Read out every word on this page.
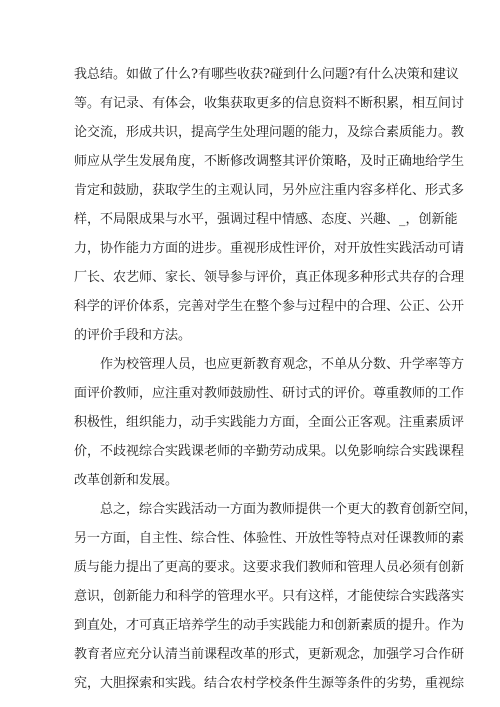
我总结。如做了什么?有哪些收获?碰到什么问题?有什么决策和建议
等。有记录、有体会，收集获取更多的信息资料不断积累，相互间讨
论交流，形成共识，提高学生处理问题的能力，及综合素质能力。教
师应从学生发展角度，不断修改调整其评价策略，及时正确地给学生
肯定和鼓励，获取学生的主观认同，另外应注重内容多样化、形式多
样，不局限成果与水平，强调过程中情感、态度、兴趣、_，创新能
力，协作能力方面的进步。重视形成性评价，对开放性实践活动可请
厂长、农艺师、家长、领导参与评价，真正体现多种形式共存的合理
科学的评价体系，完善对学生在整个参与过程中的合理、公正、公开
的评价手段和方法。
作为校管理人员，也应更新教育观念，不单从分数、升学率等方
面评价教师，应注重对教师鼓励性、研讨式的评价。尊重教师的工作
积极性，组织能力，动手实践能力方面，全面公正客观。注重素质评
价，不歧视综合实践课老师的辛勤劳动成果。以免影响综合实践课程
改革创新和发展。
总之，综合实践活动一方面为教师提供一个更大的教育创新空间，
另一方面，自主性、综合性、体验性、开放性等特点对任课教师的素
质与能力提出了更高的要求。这要求我们教师和管理人员必须有创新
意识，创新能力和科学的管理水平。只有这样，才能使综合实践落实
到直处，才可真正培养学生的动手实践能力和创新素质的提升。作为
教育者应充分认清当前课程改革的形式，更新观念，加强学习合作研
究，大胆探索和实践。结合农村学校条件生源等条件的劣势，重视综
